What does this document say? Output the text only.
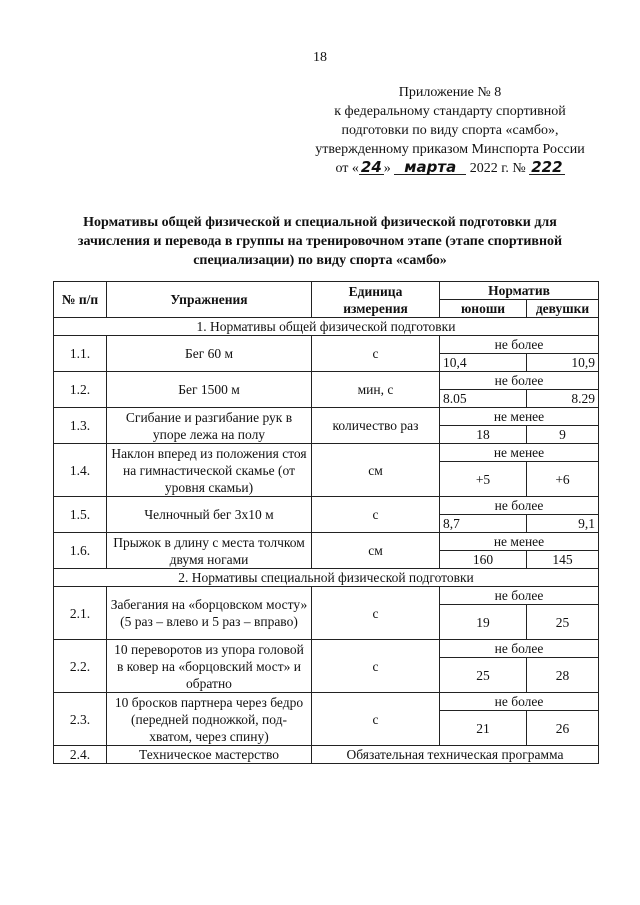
18
Приложение № 8
к федеральному стандарту спортивной
подготовки по виду спорта «самбо»,
утвержденному приказом Минспорта России
от « 24 » марта 2022 г. № 222
Нормативы общей физической и специальной физической подготовки для зачисления и перевода в группы на тренировочном этапе (этапе спортивной специализации) по виду спорта «самбо»
№ п/п	Упражнения	Единица измерения	Норматив	
			юноши	девушки
1. Нормативы общей физической подготовки				
1.1.	Бег 60 м	с	не более	
			10,4	10,9
1.2.	Бег 1500 м	мин, с	не более	
			8.05	8.29
1.3.	Сгибание и разгибание рук в упоре лежа на полу	количество раз	не менее	
			18	9
1.4.	Наклон вперед из положения стоя на гимнастической скамье (от уровня скамьи)	см	не менее	
			+5	+6
1.5.	Челночный бег 3х10 м	с	не более	
			8,7	9,1
1.6.	Прыжок в длину с места толчком двумя ногами	см	не менее	
			160	145
2. Нормативы специальной физической подготовки				
2.1.	Забегания на «борцовском мосту» (5 раз – влево и 5 раз – вправо)	с	не более	
			19	25
2.2.	10 переворотов из упора головой в ковер на «борцовский мост» и обратно	с	не более	
			25	28
2.3.	10 бросков партнера через бедро (передней подножкой, под-хватом, через спину)	с	не более	
			21	26
2.4.	Техническое мастерство	Обязательная техническая программа		
